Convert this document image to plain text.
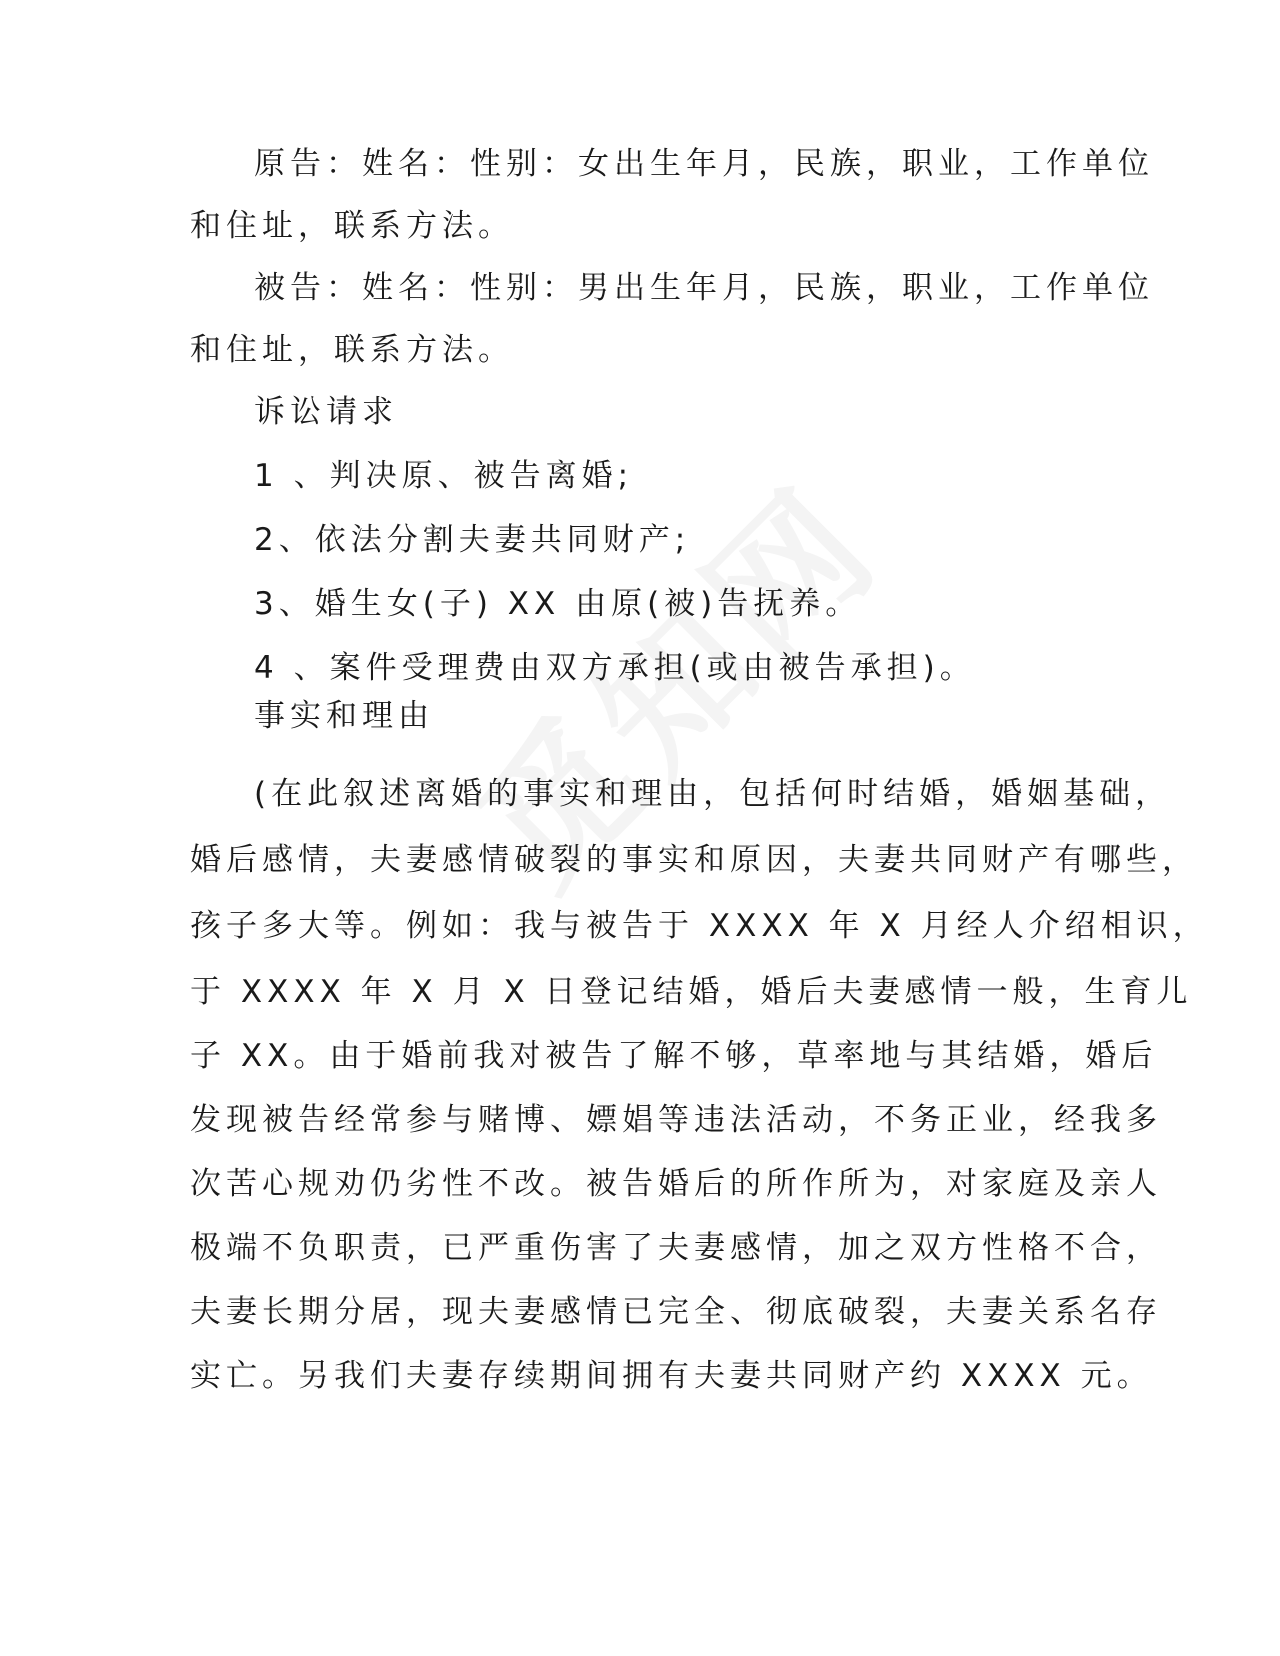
原告：姓名：性别：女出生年月，民族，职业，工作单位
和住址，联系方法。
被告：姓名：性别：男出生年月，民族，职业，工作单位
和住址，联系方法。
诉讼请求
1 、判决原、被告离婚;
2、依法分割夫妻共同财产;
3、婚生女(子) XX 由原(被)告抚养。
4 、案件受理费由双方承担(或由被告承担)。
事实和理由
(在此叙述离婚的事实和理由，包括何时结婚，婚姻基础，
婚后感情，夫妻感情破裂的事实和原因，夫妻共同财产有哪些，
孩子多大等。例如：我与被告于 XXXX 年 X 月经人介绍相识，
于 XXXX 年 X 月 X 日登记结婚，婚后夫妻感情一般，生育儿
子 XX。由于婚前我对被告了解不够，草率地与其结婚，婚后
发现被告经常参与赌博、嫖娼等违法活动，不务正业，经我多
次苦心规劝仍劣性不改。被告婚后的所作所为，对家庭及亲人
极端不负职责，已严重伤害了夫妻感情，加之双方性格不合，
夫妻长期分居，现夫妻感情已完全、彻底破裂，夫妻关系名存
实亡。另我们夫妻存续期间拥有夫妻共同财产约 XXXX 元。
